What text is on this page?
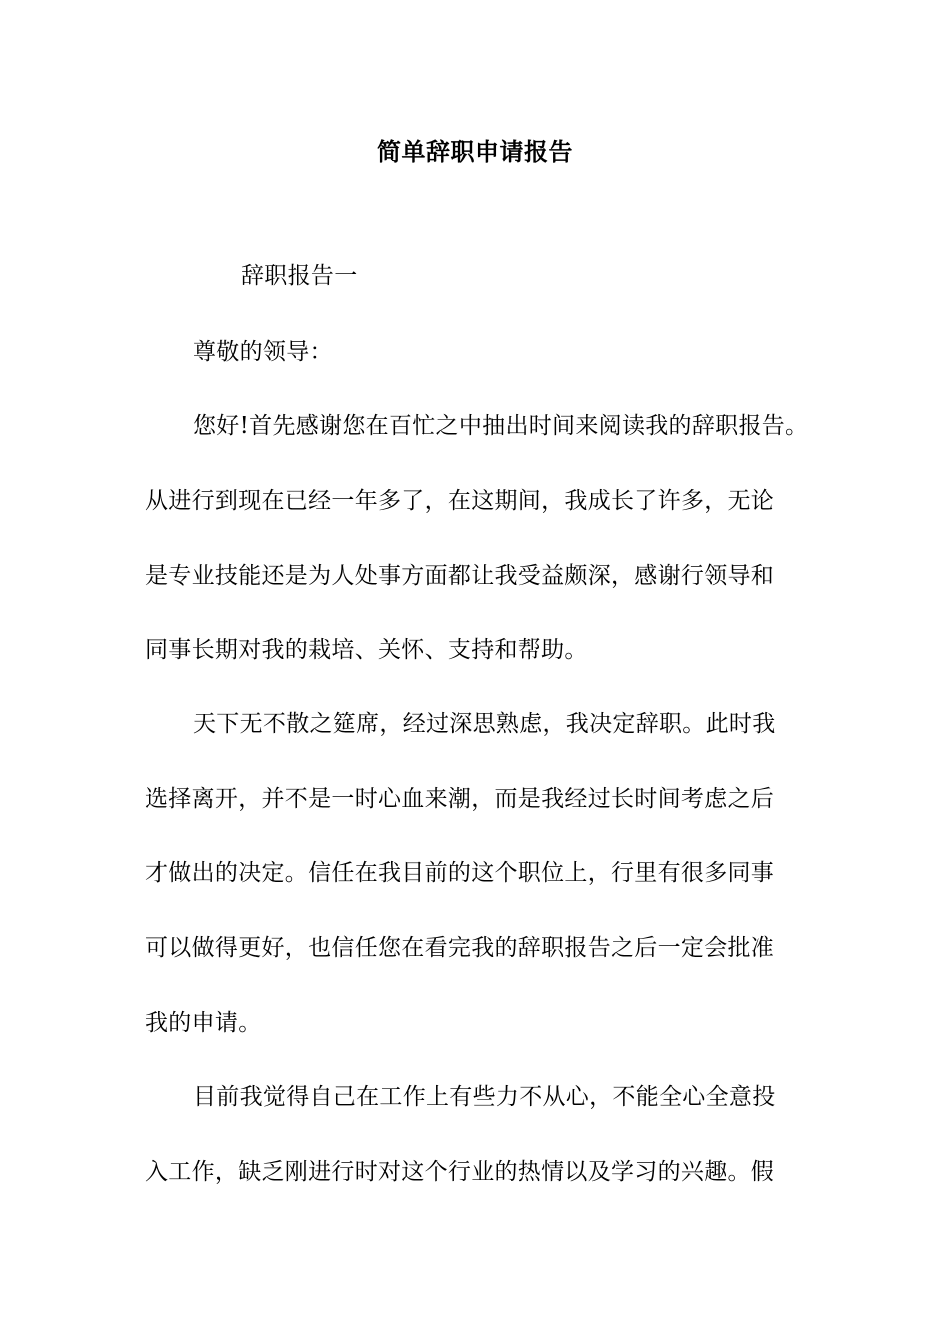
简单辞职申请报告
辞职报告一
尊敬的领导：
您好!首先感谢您在百忙之中抽出时间来阅读我的辞职报告。
从进行到现在已经一年多了，在这期间，我成长了许多，无论
是专业技能还是为人处事方面都让我受益颇深，感谢行领导和
同事长期对我的栽培、关怀、支持和帮助。
天下无不散之筵席，经过深思熟虑，我决定辞职。此时我
选择离开，并不是一时心血来潮，而是我经过长时间考虑之后
才做出的决定。信任在我目前的这个职位上，行里有很多同事
可以做得更好，也信任您在看完我的辞职报告之后一定会批准
我的申请。
目前我觉得自己在工作上有些力不从心，不能全心全意投
入工作，缺乏刚进行时对这个行业的热情以及学习的兴趣。假
